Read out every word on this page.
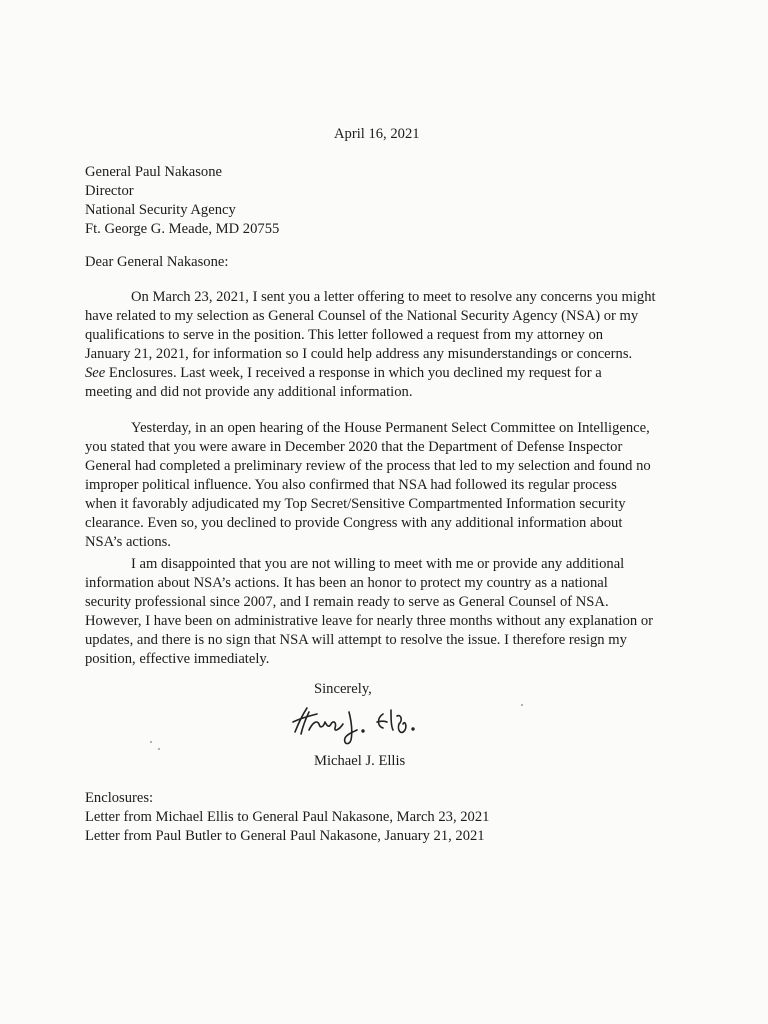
April 16, 2021
General Paul Nakasone
Director
National Security Agency
Ft. George G. Meade, MD 20755
Dear General Nakasone:
On March 23, 2021, I sent you a letter offering to meet to resolve any concerns you might
have related to my selection as General Counsel of the National Security Agency (NSA) or my
qualifications to serve in the position. This letter followed a request from my attorney on
January 21, 2021, for information so I could help address any misunderstandings or concerns.
See Enclosures. Last week, I received a response in which you declined my request for a
meeting and did not provide any additional information.
Yesterday, in an open hearing of the House Permanent Select Committee on Intelligence,
you stated that you were aware in December 2020 that the Department of Defense Inspector
General had completed a preliminary review of the process that led to my selection and found no
improper political influence. You also confirmed that NSA had followed its regular process
when it favorably adjudicated my Top Secret/Sensitive Compartmented Information security
clearance. Even so, you declined to provide Congress with any additional information about
NSA’s actions.
I am disappointed that you are not willing to meet with me or provide any additional
information about NSA’s actions. It has been an honor to protect my country as a national
security professional since 2007, and I remain ready to serve as General Counsel of NSA.
However, I have been on administrative leave for nearly three months without any explanation or
updates, and there is no sign that NSA will attempt to resolve the issue. I therefore resign my
position, effective immediately.
Sincerely,
Michael J. Ellis
Enclosures:
Letter from Michael Ellis to General Paul Nakasone, March 23, 2021
Letter from Paul Butler to General Paul Nakasone, January 21, 2021
